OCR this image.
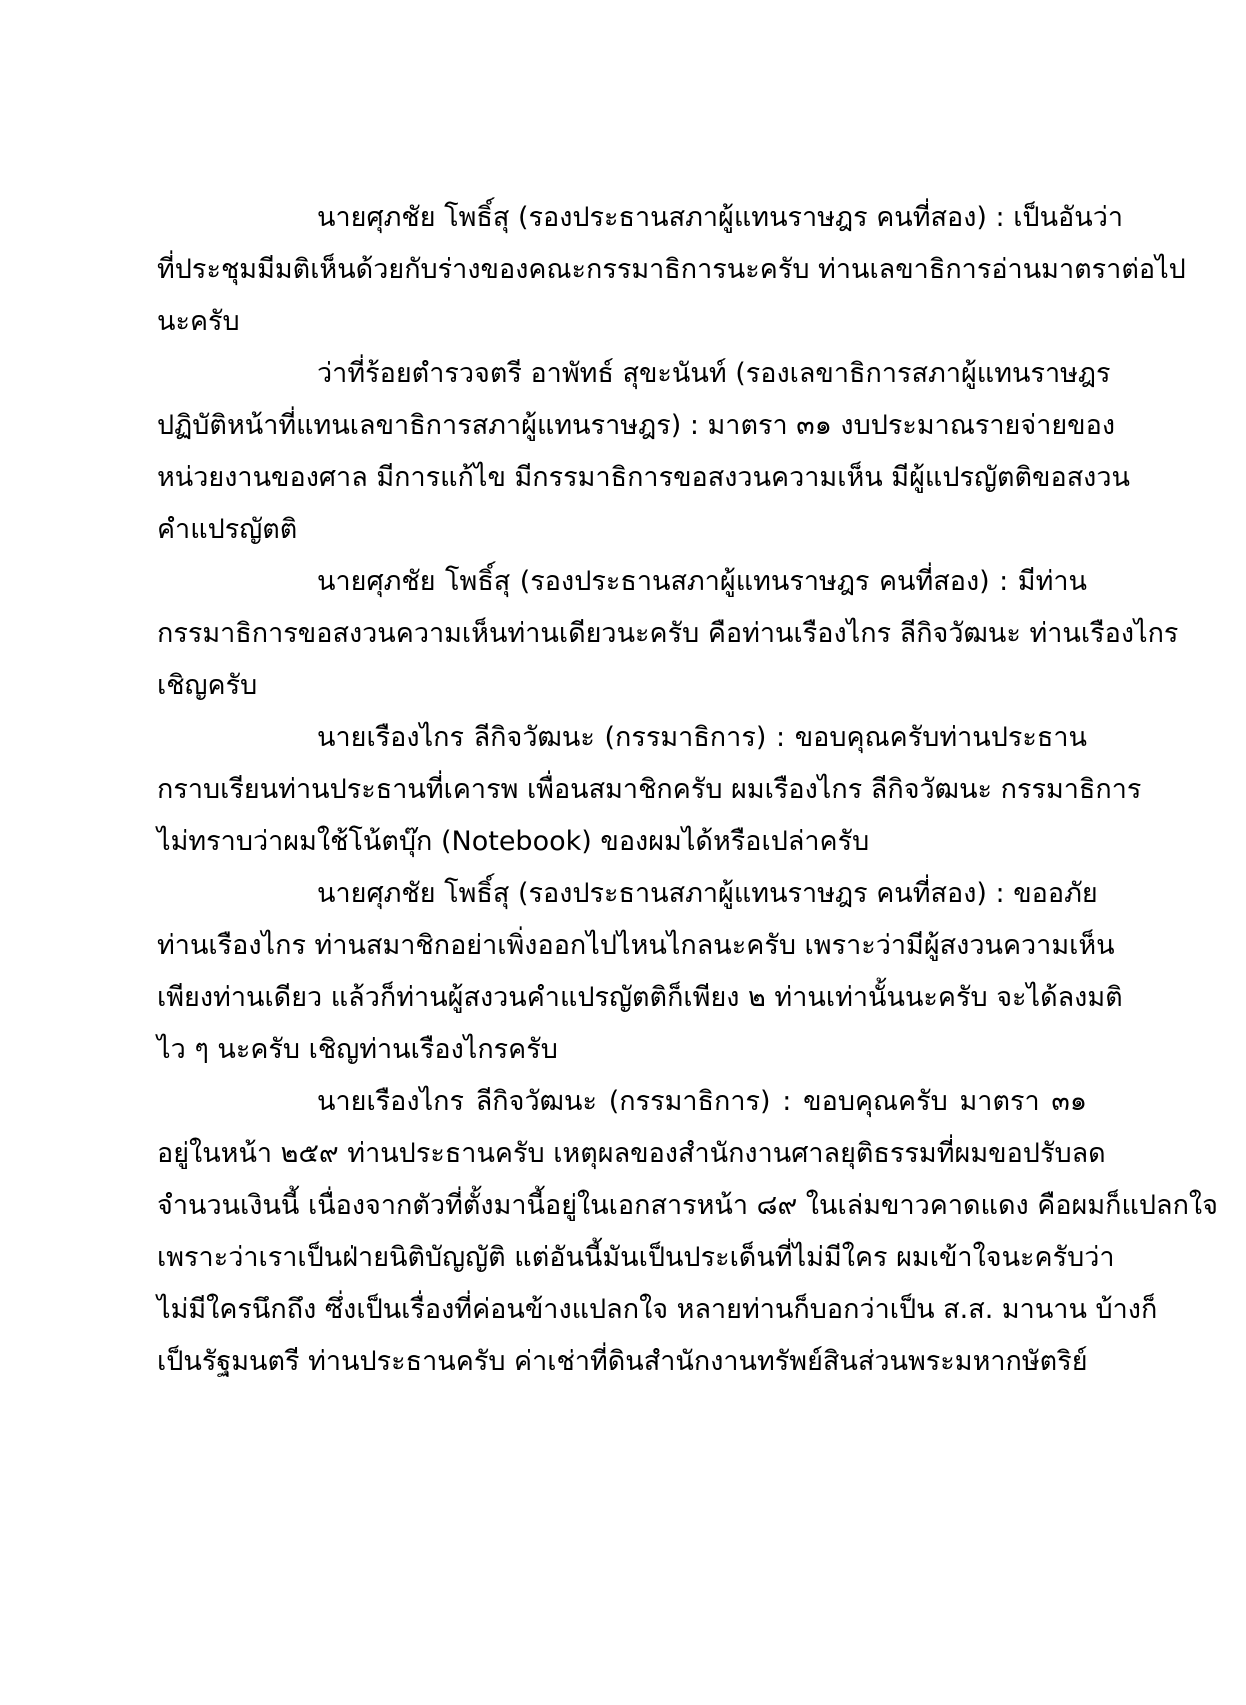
นายศุภชัย โพธิ์สุ (รองประธานสภาผู้แทนราษฎร คนที่สอง) : เป็นอันว่า
ที่ประชุมมีมติเห็นด้วยกับร่างของคณะกรรมาธิการนะครับ ท่านเลขาธิการอ่านมาตราต่อไป
นะครับ
ว่าที่ร้อยตำรวจตรี อาพัทธ์ สุขะนันท์ (รองเลขาธิการสภาผู้แทนราษฎร
ปฏิบัติหน้าที่แทนเลขาธิการสภาผู้แทนราษฎร) : มาตรา ๓๑ งบประมาณรายจ่ายของ
หน่วยงานของศาล มีการแก้ไข มีกรรมาธิการขอสงวนความเห็น มีผู้แปรญัตติขอสงวน
คำแปรญัตติ
นายศุภชัย โพธิ์สุ (รองประธานสภาผู้แทนราษฎร คนที่สอง) : มีท่าน
กรรมาธิการขอสงวนความเห็นท่านเดียวนะครับ คือท่านเรืองไกร ลีกิจวัฒนะ ท่านเรืองไกร
เชิญครับ
นายเรืองไกร ลีกิจวัฒนะ (กรรมาธิการ) : ขอบคุณครับท่านประธาน
กราบเรียนท่านประธานที่เคารพ เพื่อนสมาชิกครับ ผมเรืองไกร ลีกิจวัฒนะ กรรมาธิการ
ไม่ทราบว่าผมใช้โน้ตบุ๊ก (Notebook) ของผมได้หรือเปล่าครับ
นายศุภชัย โพธิ์สุ (รองประธานสภาผู้แทนราษฎร คนที่สอง) : ขออภัย
ท่านเรืองไกร ท่านสมาชิกอย่าเพิ่งออกไปไหนไกลนะครับ เพราะว่ามีผู้สงวนความเห็น
เพียงท่านเดียว แล้วก็ท่านผู้สงวนคำแปรญัตติก็เพียง ๒ ท่านเท่านั้นนะครับ จะได้ลงมติ
ไว ๆ นะครับ เชิญท่านเรืองไกรครับ
นายเรืองไกร ลีกิจวัฒนะ (กรรมาธิการ) : ขอบคุณครับ มาตรา ๓๑
อยู่ในหน้า ๒๕๙ ท่านประธานครับ เหตุผลของสำนักงานศาลยุติธรรมที่ผมขอปรับลด
จำนวนเงินนี้ เนื่องจากตัวที่ตั้งมานี้อยู่ในเอกสารหน้า ๘๙ ในเล่มขาวคาดแดง คือผมก็แปลกใจ
เพราะว่าเราเป็นฝ่ายนิติบัญญัติ แต่อันนี้มันเป็นประเด็นที่ไม่มีใคร ผมเข้าใจนะครับว่า
ไม่มีใครนึกถึง ซึ่งเป็นเรื่องที่ค่อนข้างแปลกใจ หลายท่านก็บอกว่าเป็น ส.ส. มานาน บ้างก็
เป็นรัฐมนตรี ท่านประธานครับ ค่าเช่าที่ดินสำนักงานทรัพย์สินส่วนพระมหากษัตริย์
